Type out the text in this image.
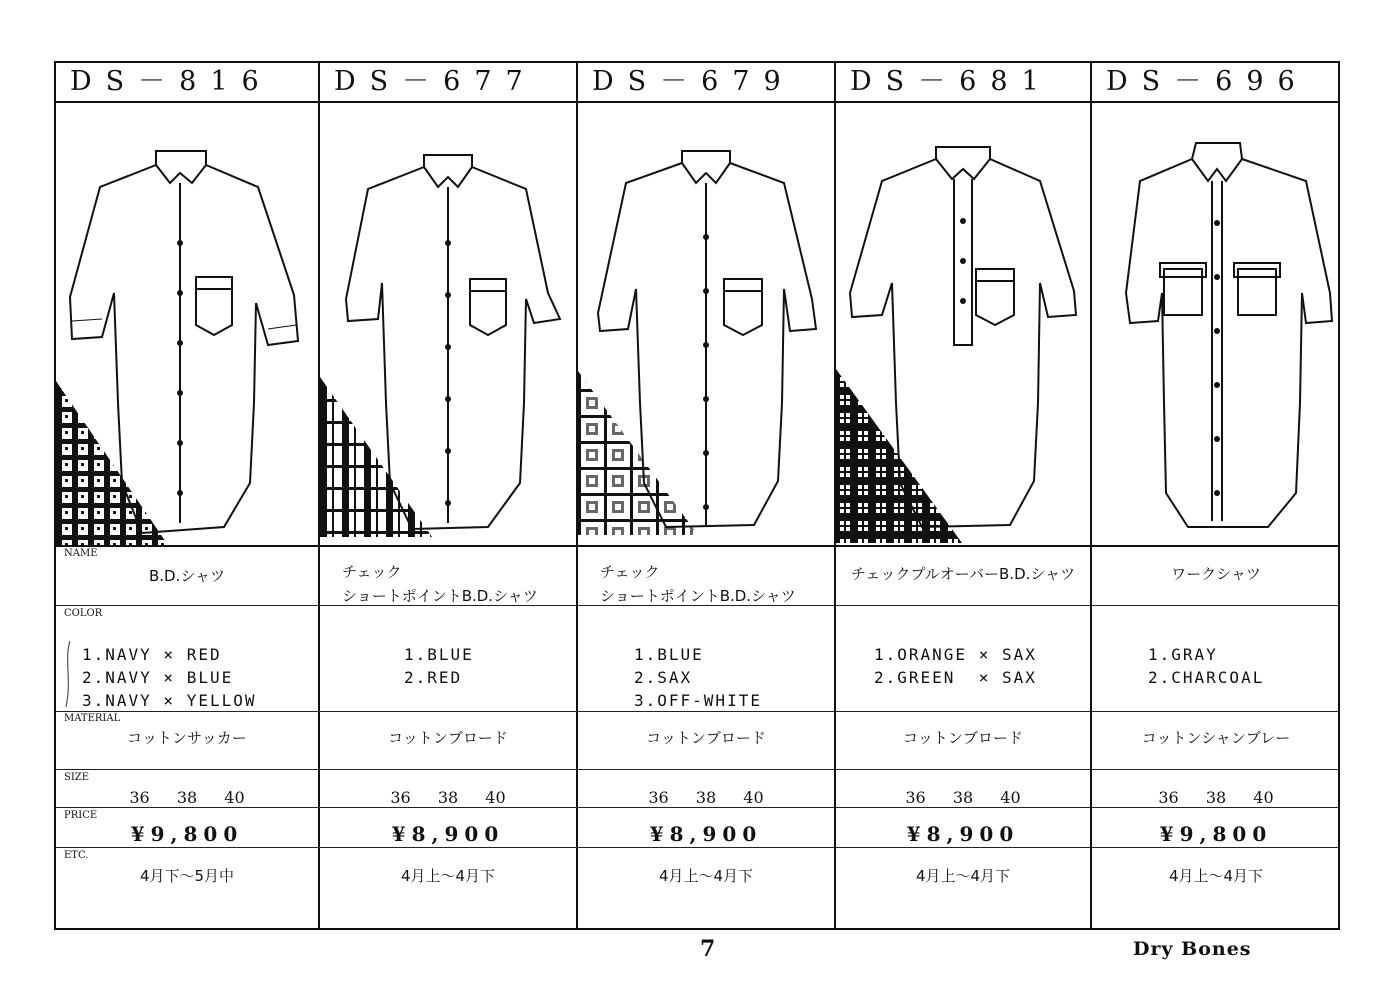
DS－816
NAME
B.D.シャツ
COLOR
1.NAVY × RED
2.NAVY × BLUE
3.NAVY × YELLOW
MATERIAL
コットンサッカー
SIZE
36 38 40
PRICE
¥9,800
ETC.
4月下～5月中
DS－677
チェック
ショートポイントB.D.シャツ
1.BLUE
2.RED
コットンブロード
36 38 40
¥8,900
4月上～4月下
DS－679
チェック
ショートポイントB.D.シャツ
1.BLUE
2.SAX
3.OFF-WHITE
コットンブロード
36 38 40
¥8,900
4月上～4月下
DS－681
チェックプルオーバーB.D.シャツ
1.ORANGE × SAX
2.GREEN  × SAX
コットンブロード
36 38 40
¥8,900
4月上～4月下
DS－696
ワークシャツ
1.GRAY
2.CHARCOAL
コットンシャンブレー
36 38 40
¥9,800
4月上～4月下
7	Dry Bones
